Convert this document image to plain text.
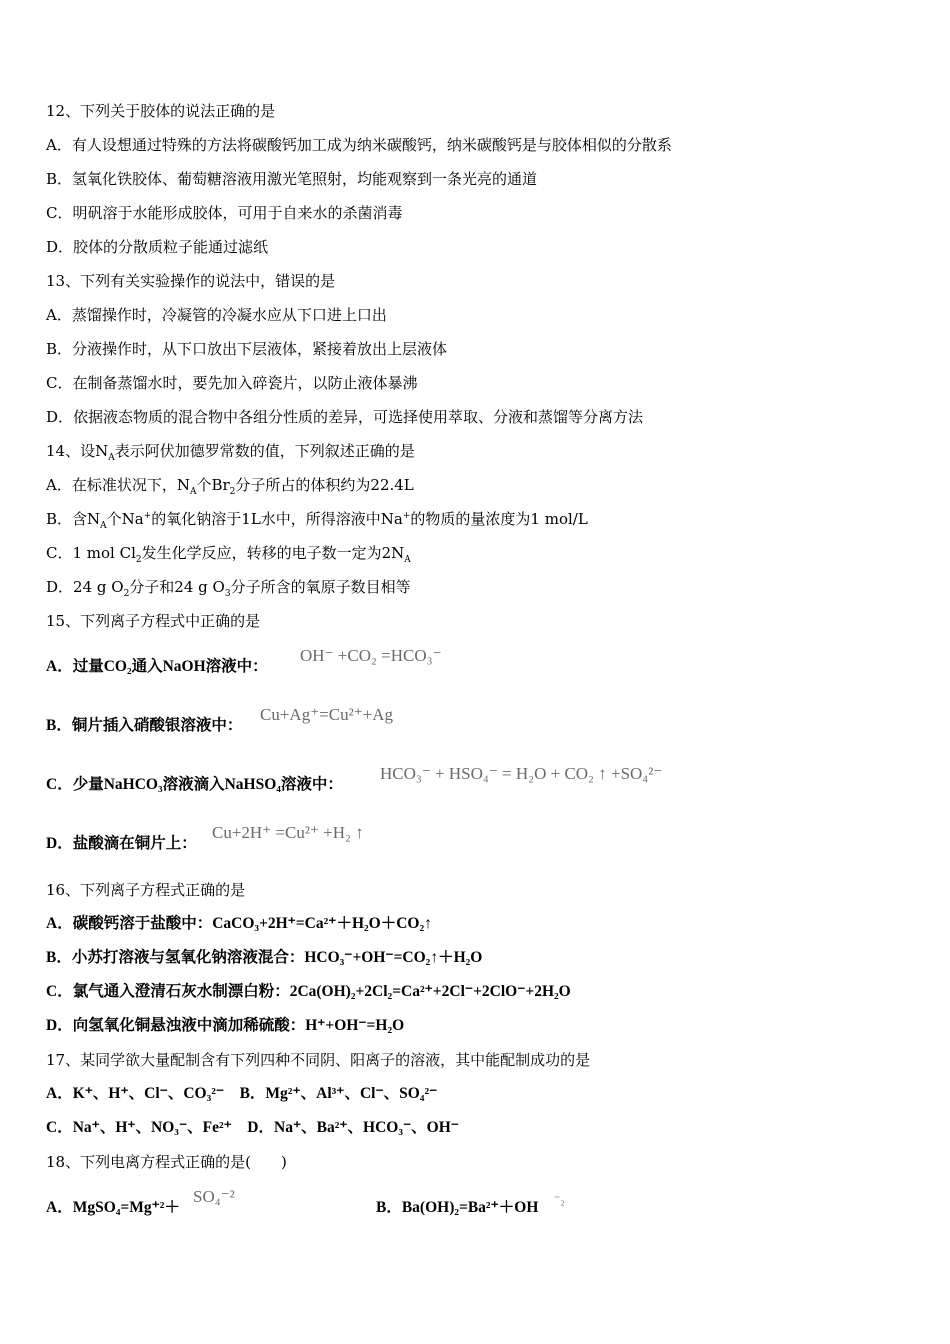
12、下列关于胶体的说法正确的是
A．有人设想通过特殊的方法将碳酸钙加工成为纳米碳酸钙，纳米碳酸钙是与胶体相似的分散系
B．氢氧化铁胶体、葡萄糖溶液用激光笔照射，均能观察到一条光亮的通道
C．明矾溶于水能形成胶体，可用于自来水的杀菌消毒
D．胶体的分散质粒子能通过滤纸
13、下列有关实验操作的说法中，错误的是
A．蒸馏操作时，冷凝管的冷凝水应从下口进上口出
B．分液操作时，从下口放出下层液体，紧接着放出上层液体
C．在制备蒸馏水时，要先加入碎瓷片，以防止液体暴沸
D．依据液态物质的混合物中各组分性质的差异，可选择使用萃取、分液和蒸馏等分离方法
14、设$N_A$表示阿伏加德罗常数的值，下列叙述正确的是
A．在标准状况下，$N_A$个$Br_2$分子所占的体积约为22.4L
B．含$N_A$个Na+的氧化钠溶于1L水中，所得溶液中Na+的物质的量浓度为1 mol/L
C．1 mol $Cl_2$发生化学反应，转移的电子数一定为$2N_A$
D．24 g $O_2$分子和24 g $O_3$分子所含的氧原子数目相等
15、下列离子方程式中正确的是
A．过量CO₂通入NaOH溶液中：
OH⁻ +CO₂ =HCO₃⁻
B．铜片插入硝酸银溶液中：
Cu+Ag⁺=Cu²⁺+Ag
C．少量NaHCO₃溶液滴入NaHSO₄溶液中：
HCO₃⁻ + HSO₄⁻ = H₂O + CO₂ ↑ +SO₄²⁻
D．盐酸滴在铜片上：
Cu+2H⁺ =Cu²⁺ +H₂ ↑
16、下列离子方程式正确的是
A．碳酸钙溶于盐酸中：CaCO₃+2H⁺=Ca²⁺＋H₂O＋CO₂↑
B．小苏打溶液与氢氧化钠溶液混合：HCO₃⁻+OH⁻=CO₂↑＋H₂O
C．氯气通入澄清石灰水制漂白粉：2Ca(OH)₂+2Cl₂=Ca²⁺+2Cl⁻+2ClO⁻+2H₂O
D．向氢氧化铜悬浊液中滴加稀硫酸：H⁺+OH⁻=H₂O
17、某同学欲大量配制含有下列四种不同阴、阳离子的溶液，其中能配制成功的是
A．K⁺、H⁺、Cl⁻、CO₃²⁻　B．Mg²⁺、Al³⁺、Cl⁻、SO₄²⁻
C．Na⁺、H⁺、NO₃⁻、Fe²⁺　D．Na⁺、Ba²⁺、HCO₃⁻、OH⁻
18、下列电离方程式正确的是(　　)
A．MgSO₄=Mg⁺²＋
SO₄⁻²
B．Ba(OH)₂=Ba²⁺＋OH ⁻₂
